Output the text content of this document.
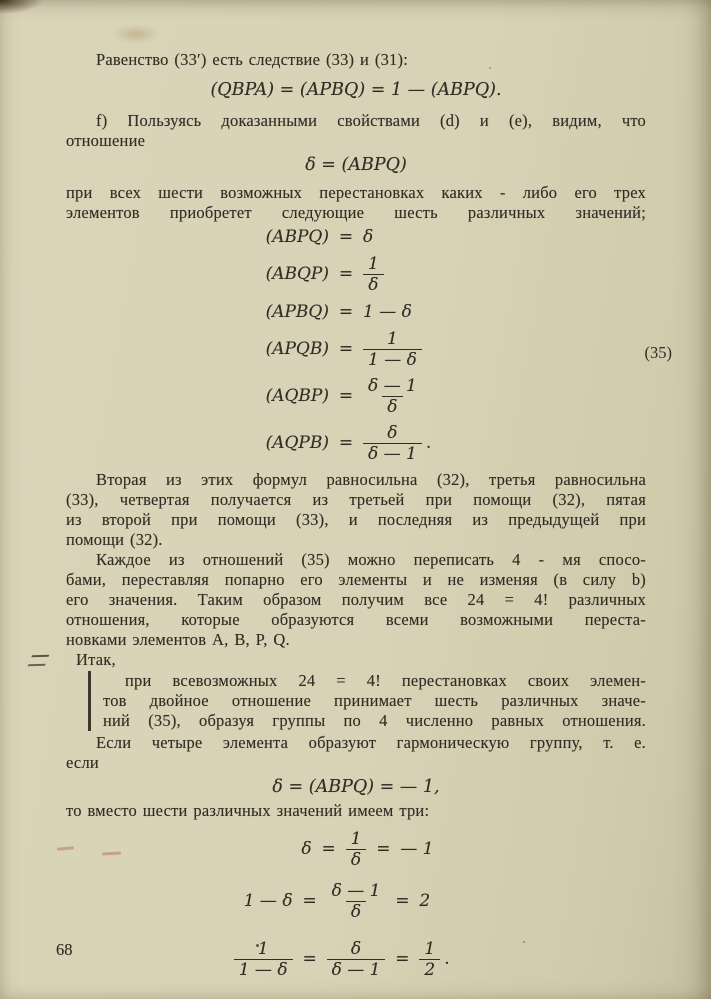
Равенство (33′) есть следствие (33) и (31):
(QBPA) = (APBQ) = 1 — (ABPQ).
f) Пользуясь доказанными свойствами (d) и (e), видим, что
отношение
δ = (ABPQ)
при всех шести возможных перестановках каких - либо его трех
элементов приобретет следующие шесть различных значений;
(ABPQ) = δ
(ABQP) = $\frac{1}{\delta}$
(APBQ) = 1 — δ
(APQB) = $\frac{1}{1 — \delta}$
(AQBP) = $\frac{\delta — 1}{\delta}$
(AQPB) = $\frac{\delta}{\delta — 1}$ .
(35)
Вторая из этих формул равносильна (32), третья равносильна
(33), четвертая получается из третьей при помощи (32), пятая
из второй при помощи (33), и последняя из предыдущей при
помощи (32).
Каждое из отношений (35) можно переписать 4 - мя спосо-
бами, переставляя попарно его элементы и не изменяя (в силу b)
его значения. Таким образом получим все 24 = 4! различных
отношения, которые образуются всеми возможными переста-
новками элементов A, B, P, Q.
Итак,
при всевозможных 24 = 4! перестановках своих элемен-
тов двойное отношение принимает шесть различных значе-
ний (35), образуя группы по 4 численно равных отношения.
Если четыре элемента образуют гармоническую группу, т. е.
если
δ = (ABPQ) = — 1,
то вместо шести различных значений имеем три:
$\delta = \frac{1}{\delta}$ = — 1
1 — $\delta = \frac{\delta — 1}{\delta} = 2$
$\frac{1}{1 — \delta} = \frac{\delta}{\delta — 1} = \frac{1}{2}$ .
68
